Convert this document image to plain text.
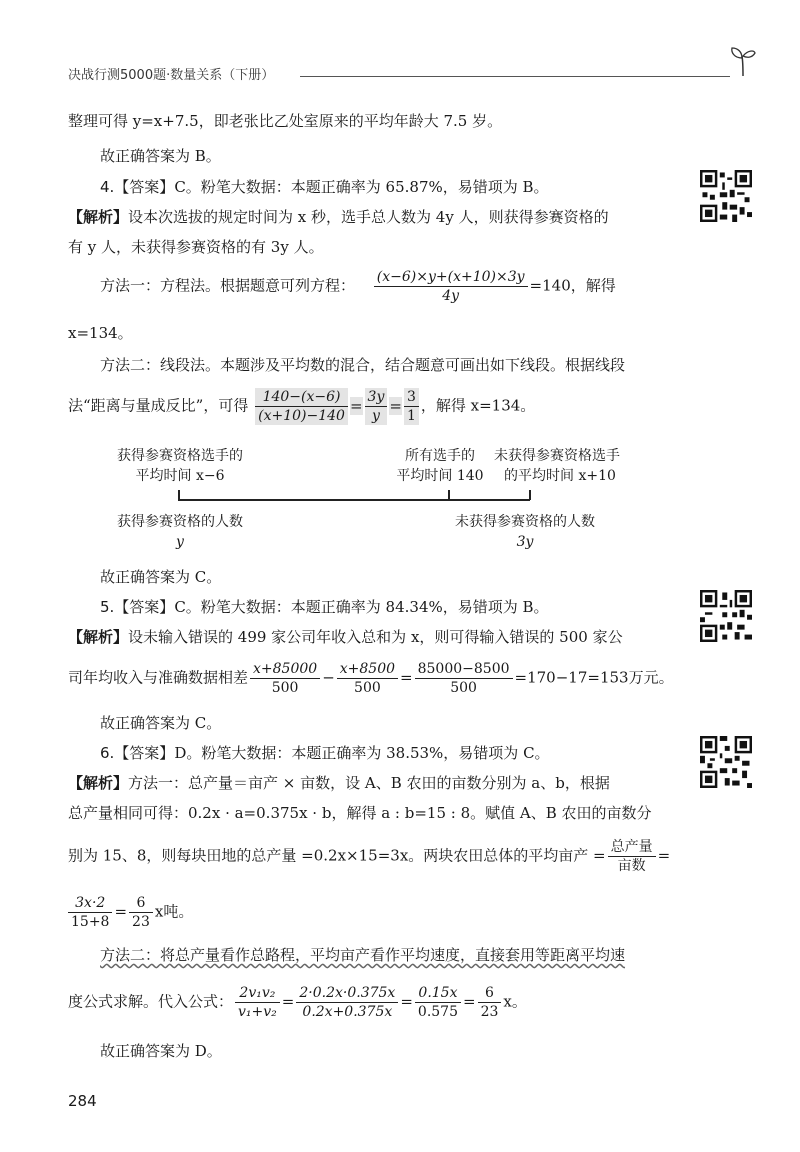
决战行测5000题·数量关系（下册）
整理可得 y=x+7.5，即老张比乙处室原来的平均年龄大 7.5 岁。
故正确答案为 B。
4.【答案】C。粉笔大数据：本题正确率为 65.87%，易错项为 B。
【解析】设本次选拔的规定时间为 x 秒，选手总人数为 4y 人，则获得参赛资格的
有 y 人，未获得参赛资格的有 3y 人。
方法一：方程法。根据题意可列方程： $\frac{(x-6)\times y+(x+10)\times 3y}{4y} =140$，解得
x=134。
方法二：线段法。本题涉及平均数的混合，结合题意可画出如下线段。根据线段
法“距离与量成反比”，可得 $\frac{140-(x-6)}{(x+10)-140} = \frac{3y}{y} = \frac{3}{1}$ ，解得 x=134。
获得参赛资格选手的
平均时间 x−6
所有选手的
平均时间 140
未获得参赛资格选手
的平均时间 x+10
获得参赛资格的人数
y
未获得参赛资格的人数
3y
故正确答案为 C。
5.【答案】C。粉笔大数据：本题正确率为 84.34%，易错项为 B。
【解析】设未输入错误的 499 家公司年收入总和为 x，则可得输入错误的 500 家公
司年均收入与准确数据相差 $\frac{x+85000}{500} - \frac{x+8500}{500} = \frac{85000-8500}{500} =170-17=153$万元。
故正确答案为 C。
6.【答案】D。粉笔大数据：本题正确率为 38.53%，易错项为 C。
【解析】方法一：总产量＝亩产 × 亩数，设 A、B 农田的亩数分别为 a、b，根据
总产量相同可得：0.2x · a=0.375x · b，解得 a : b=15 : 8。赋值 A、B 农田的亩数分
别为 15、8，则每块田地的总产量 =0.2x×15=3x。两块农田总体的平均亩产 = $\frac{\text{总产量}}{\text{亩数}}$ =
$\frac{3x\cdot 2}{15+8} = \frac{6}{23}$ x吨。
方法二：将总产量看作总路程，平均亩产看作平均速度，直接套用等距离平均速
度公式求解。代入公式： $\frac{\text{2v₁v₂}}{\text{v₁+v₂}} = \frac{2\cdot 0.2x\cdot 0.375x}{0.2x+0.375x} = \frac{0.15x}{0.575} = \frac{6}{23}$ x。
故正确答案为 D。
284
